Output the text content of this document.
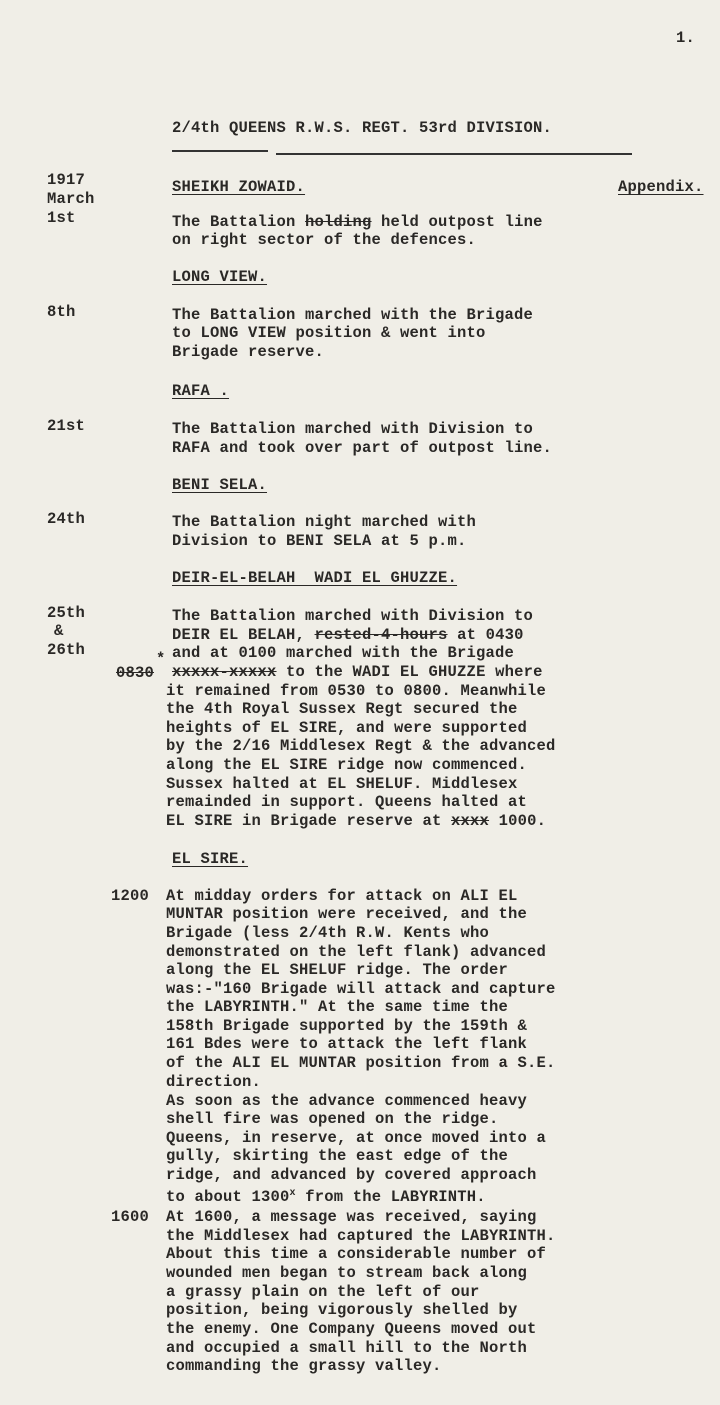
1.
2/4th QUEENS R.W.S. REGT. 53rd DIVISION.
Appendix.
1917
March
1st
8th
21st
24th
25th
&
26th
0830
*
1200
1600
SHEIKH ZOWAID.
LONG VIEW.
RAFA .
BENI SELA.
DEIR-EL-BELAH  WADI EL GHUZZE.
EL SIRE.
The Battalion holding held outpost line
on right sector of the defences.
The Battalion marched with the Brigade
to LONG VIEW position & went into
Brigade reserve.
The Battalion marched with Division to
RAFA and took over part of outpost line.
The Battalion night marched with
Division to BENI SELA at 5 p.m.
The Battalion marched with Division to
DEIR EL BELAH, rested-4-hours at 0430
and at 0100 marched with the Brigade
xxxxx-xxxxx to the WADI EL GHUZZE where
it remained from 0530 to 0800. Meanwhile
the 4th Royal Sussex Regt secured the
heights of EL SIRE, and were supported
by the 2/16 Middlesex Regt & the advanced
along the EL SIRE ridge now commenced.
Sussex halted at EL SHELUF. Middlesex
remainded in support. Queens halted at
EL SIRE in Brigade reserve at xxxx 1000.
At midday orders for attack on ALI EL
MUNTAR position were received, and the
Brigade (less 2/4th R.W. Kents who
demonstrated on the left flank) advanced
along the EL SHELUF ridge. The order
was:-"160 Brigade will attack and capture
the LABYRINTH." At the same time the
158th Brigade supported by the 159th &
161 Bdes were to attack the left flank
of the ALI EL MUNTAR position from a S.E.
direction.
As soon as the advance commenced heavy
shell fire was opened on the ridge.
Queens, in reserve, at once moved into a
gully, skirting the east edge of the
ridge, and advanced by covered approach
to about 1300$^x$ from the LABYRINTH.
At 1600, a message was received, saying
the Middlesex had captured the LABYRINTH.
About this time a considerable number of
wounded men began to stream back along
a grassy plain on the left of our
position, being vigorously shelled by
the enemy. One Company Queens moved out
and occupied a small hill to the North
commanding the grassy valley.
